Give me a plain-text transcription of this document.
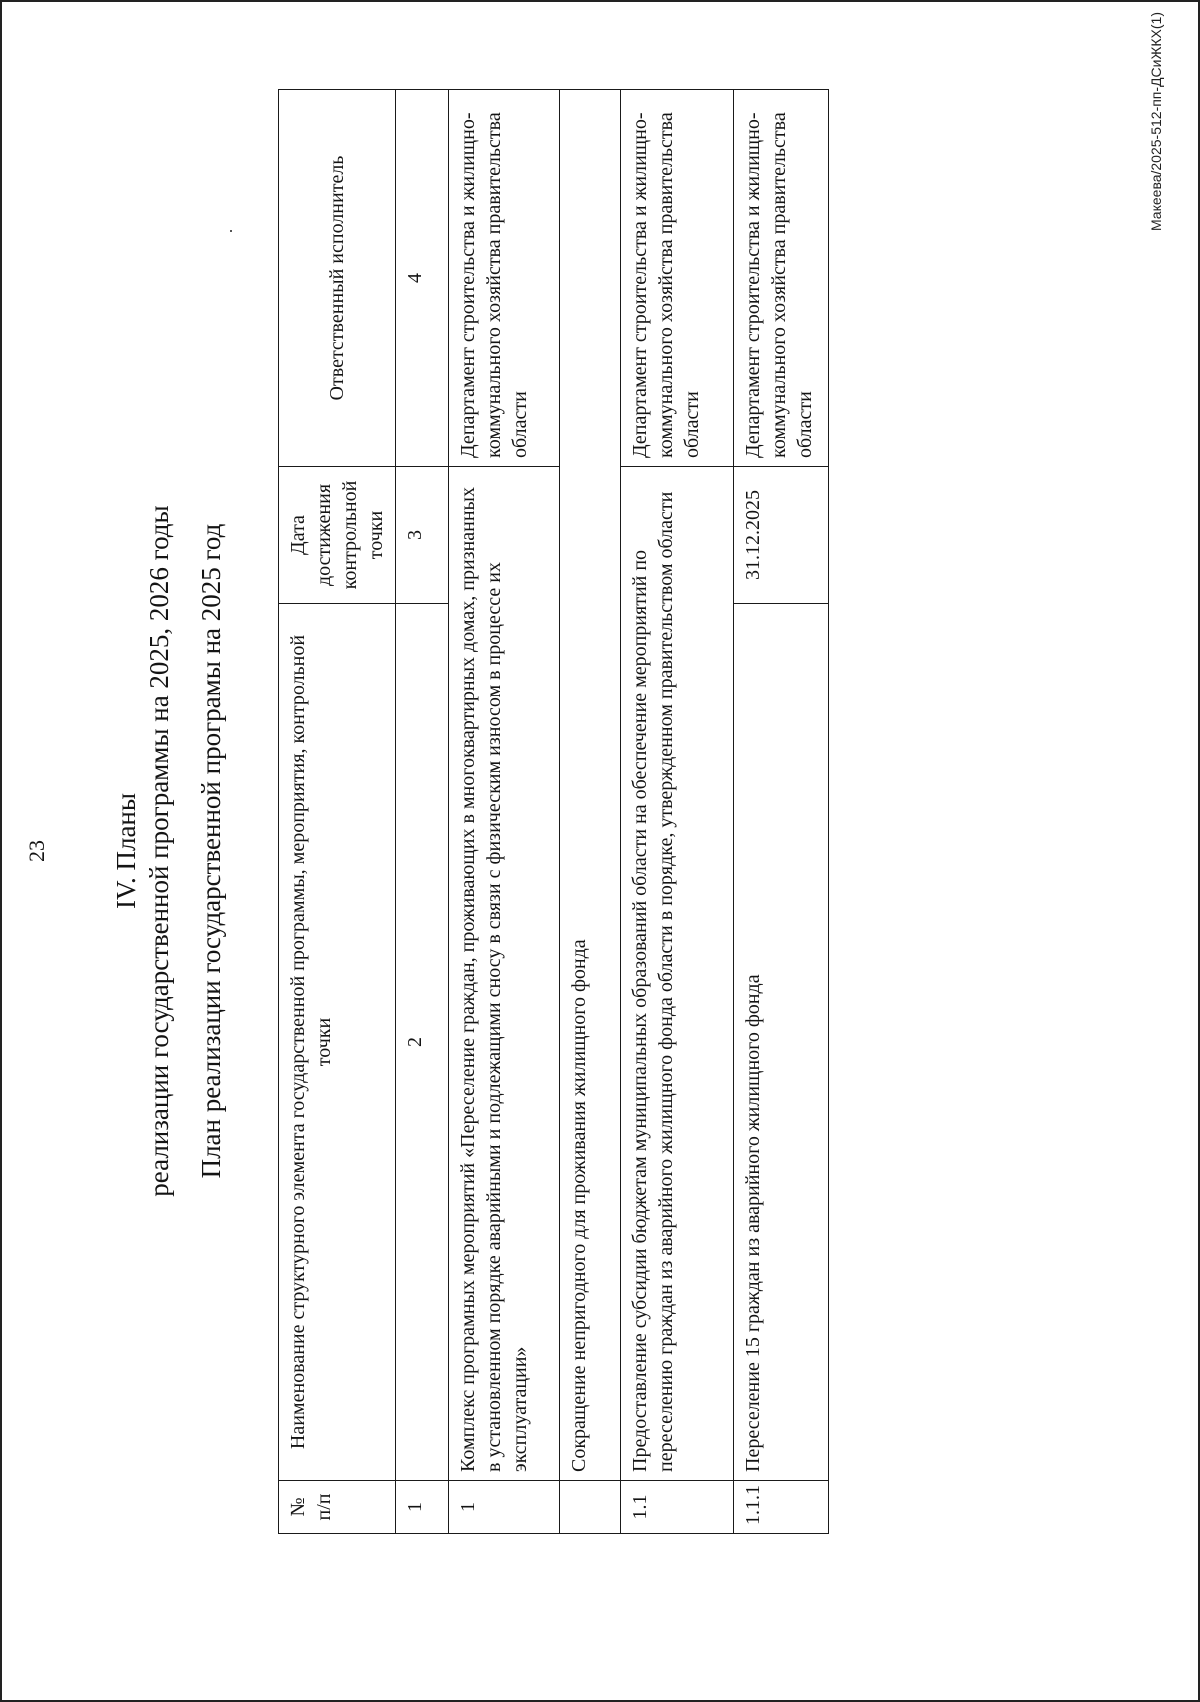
23 IV. Планы реализации государственной программы на 2025, 2026 годы План реализации государственной програмы на 2025 год
№ п/п	Наименование структурного элемента государственной программы, мероприятия, контрольной точки	Дата достижения контрольной точки	Ответственный исполнитель
1	2	3	4
1	Комплекс програмных мероприятий «Переселение граждан, проживающих в многоквартирных домах, признанных в установленном порядке аварийными и подлежащими сносу в связи с физическим износом в процессе их эксплуатации»		Департамент строительства и жилищно-коммунального хозяйства правительства области
	Сокращение непригодного для проживания жилищного фонда		
1.1	Предоставление субсидии бюджетам муниципальных образований области на обеспечение мероприятий по переселению граждан из аварийного жилищного фонда области в порядке, утвержденном правительством области		Департамент строительства и жилищно-коммунального хозяйства правительства области
1.1.1	Переселение 15 граждан из аварийного жилищного фонда	31.12.2025	Департамент строительства и жилищно-коммунального хозяйства правительства области
Макеева/2025-512-пп-ДСиЖКХ(1)
